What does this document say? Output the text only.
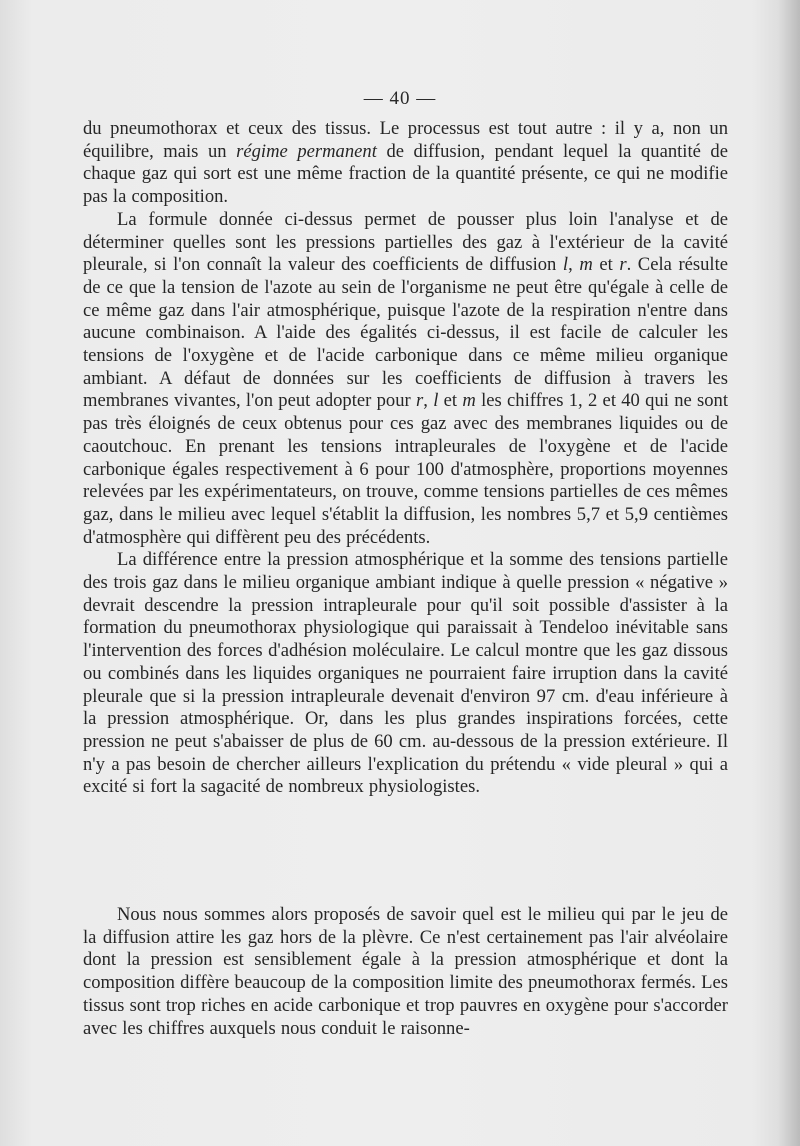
— 40 —

du pneumothorax et ceux des tissus. Le processus est tout autre : il y a, non un équilibre, mais un régime permanent de diffusion, pendant lequel la quantité de chaque gaz qui sort est une même fraction de la quantité présente, ce qui ne modifie pas la composition.

La formule donnée ci-dessus permet de pousser plus loin l'analyse et de déterminer quelles sont les pressions partielles des gaz à l'extérieur de la cavité pleurale, si l'on connaît la valeur des coefficients de diffusion l, m et r. Cela résulte de ce que la tension de l'azote au sein de l'organisme ne peut être qu'égale à celle de ce même gaz dans l'air atmosphérique, puisque l'azote de la respiration n'entre dans aucune combinaison. A l'aide des égalités ci-dessus, il est facile de calculer les tensions de l'oxygène et de l'acide carbonique dans ce même milieu organique ambiant. A défaut de données sur les coefficients de diffusion à travers les membranes vivantes, l'on peut adopter pour r, l et m les chiffres 1, 2 et 40 qui ne sont pas très éloignés de ceux obtenus pour ces gaz avec des membranes liquides ou de caoutchouc. En prenant les tensions intrapleurales de l'oxygène et de l'acide carbonique égales respectivement à 6 pour 100 d'atmosphère, proportions moyennes relevées par les expérimentateurs, on trouve, comme tensions partielles de ces mêmes gaz, dans le milieu avec lequel s'établit la diffusion, les nombres 5,7 et 5,9 centièmes d'atmosphère qui diffèrent peu des précédents.

La différence entre la pression atmosphérique et la somme des tensions partielle des trois gaz dans le milieu organique ambiant indique à quelle pression « négative » devrait descendre la pression intrapleurale pour qu'il soit possible d'assister à la formation du pneumothorax physiologique qui paraissait à Tendeloo inévitable sans l'intervention des forces d'adhésion moléculaire. Le calcul montre que les gaz dissous ou combinés dans les liquides organiques ne pourraient faire irruption dans la cavité pleurale que si la pression intrapleurale devenait d'environ 97 cm. d'eau inférieure à la pression atmosphérique. Or, dans les plus grandes inspirations forcées, cette pression ne peut s'abaisser de plus de 60 cm. au-dessous de la pression extérieure. Il n'y a pas besoin de chercher ailleurs l'explication du prétendu « vide pleural » qui a excité si fort la sagacité de nombreux physiologistes.

Nous nous sommes alors proposés de savoir quel est le milieu qui par le jeu de la diffusion attire les gaz hors de la plèvre. Ce n'est certainement pas l'air alvéolaire dont la pression est sensiblement égale à la pression atmosphérique et dont la composition diffère beaucoup de la composition limite des pneumothorax fermés. Les tissus sont trop riches en acide carbonique et trop pauvres en oxygène pour s'accorder avec les chiffres auxquels nous conduit le raisonne-
